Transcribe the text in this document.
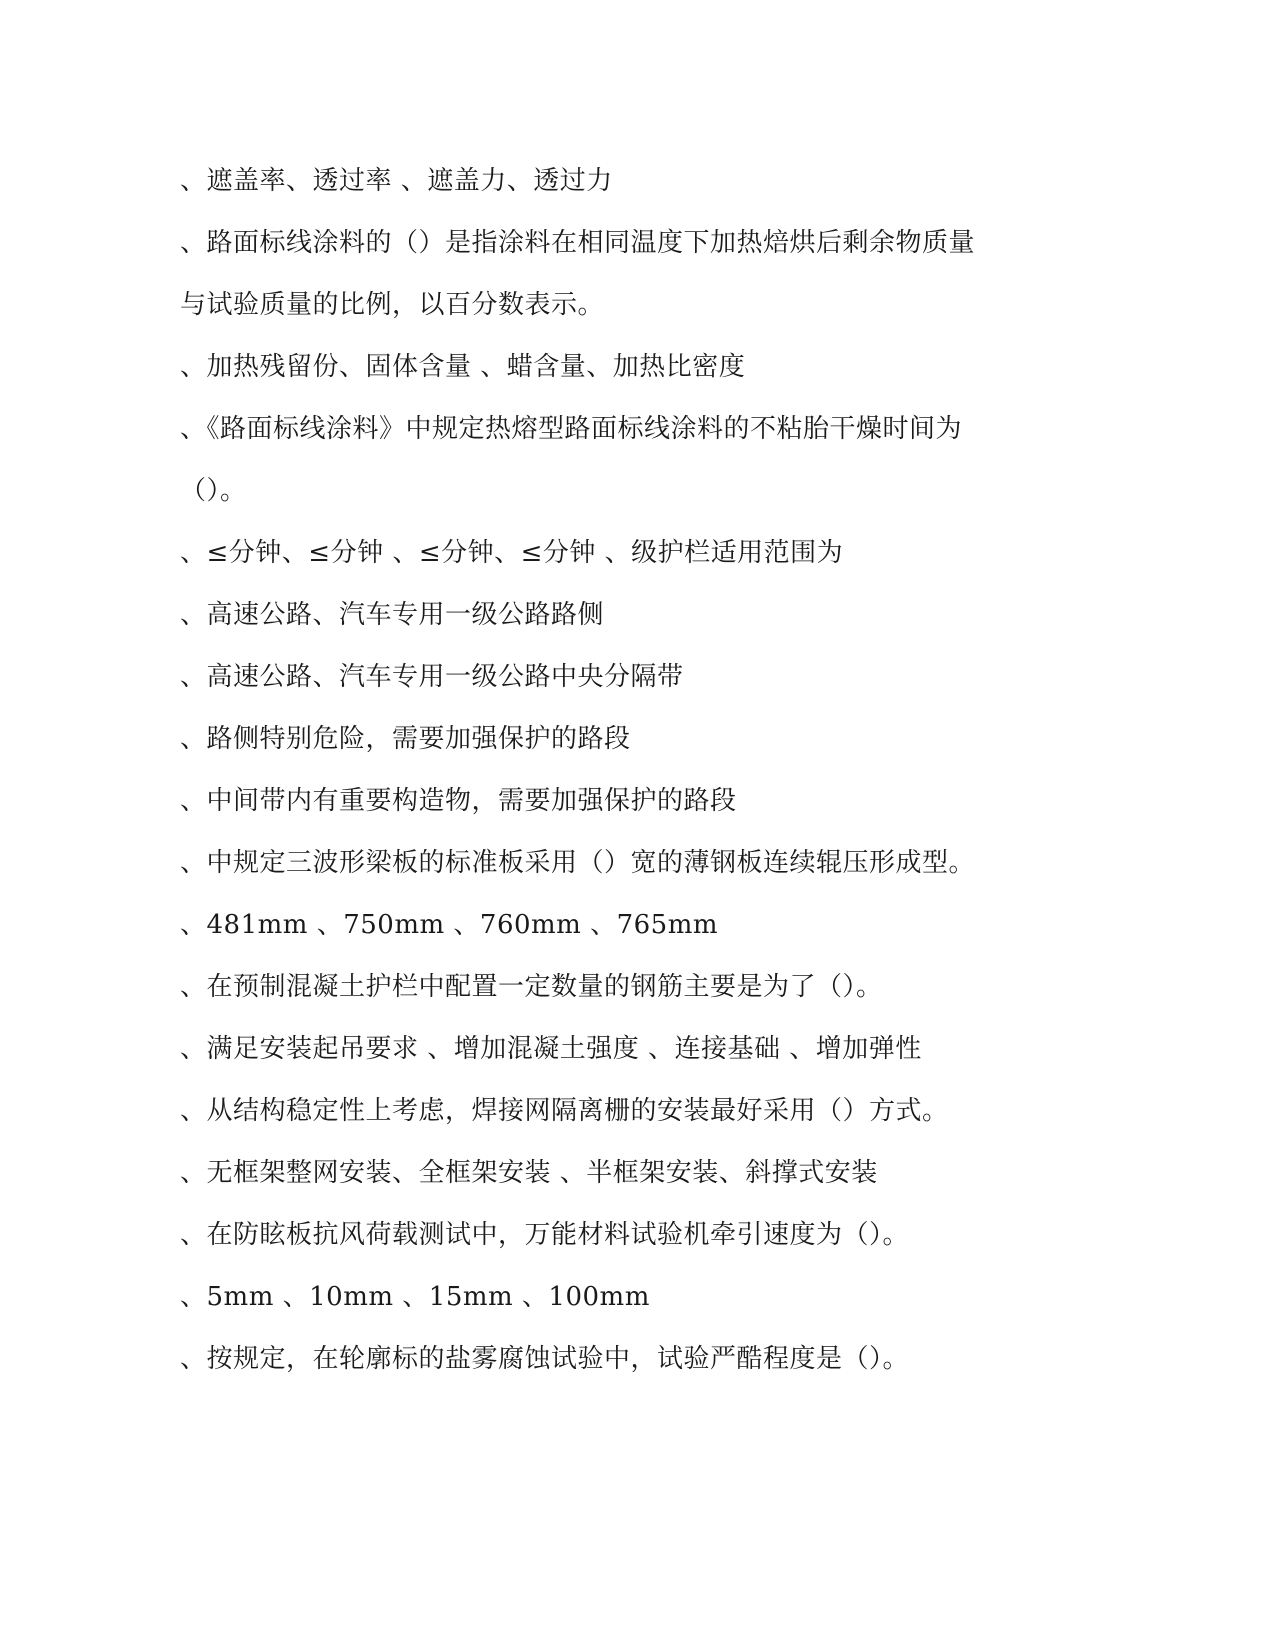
、遮盖率、透过率 、遮盖力、透过力
、路面标线涂料的（）是指涂料在相同温度下加热焙烘后剩余物质量
与试验质量的比例，以百分数表示。
、加热残留份、固体含量 、蜡含量、加热比密度
、《路面标线涂料》中规定热熔型路面标线涂料的不粘胎干燥时间为
（）。
、≤分钟、≤分钟 、≤分钟、≤分钟 、级护栏适用范围为
、高速公路、汽车专用一级公路路侧
、高速公路、汽车专用一级公路中央分隔带
、路侧特别危险，需要加强保护的路段
、中间带内有重要构造物，需要加强保护的路段
、中规定三波形梁板的标准板采用（）宽的薄钢板连续辊压形成型。
、481mm 、750mm 、760mm 、765mm
、在预制混凝土护栏中配置一定数量的钢筋主要是为了（）。
、满足安装起吊要求 、增加混凝土强度 、连接基础 、增加弹性
、从结构稳定性上考虑，焊接网隔离栅的安装最好采用（）方式。
、无框架整网安装、全框架安装 、半框架安装、斜撑式安装
、在防眩板抗风荷载测试中，万能材料试验机牵引速度为（）。
、5mm 、10mm 、15mm 、100mm
、按规定，在轮廓标的盐雾腐蚀试验中，试验严酷程度是（）。
